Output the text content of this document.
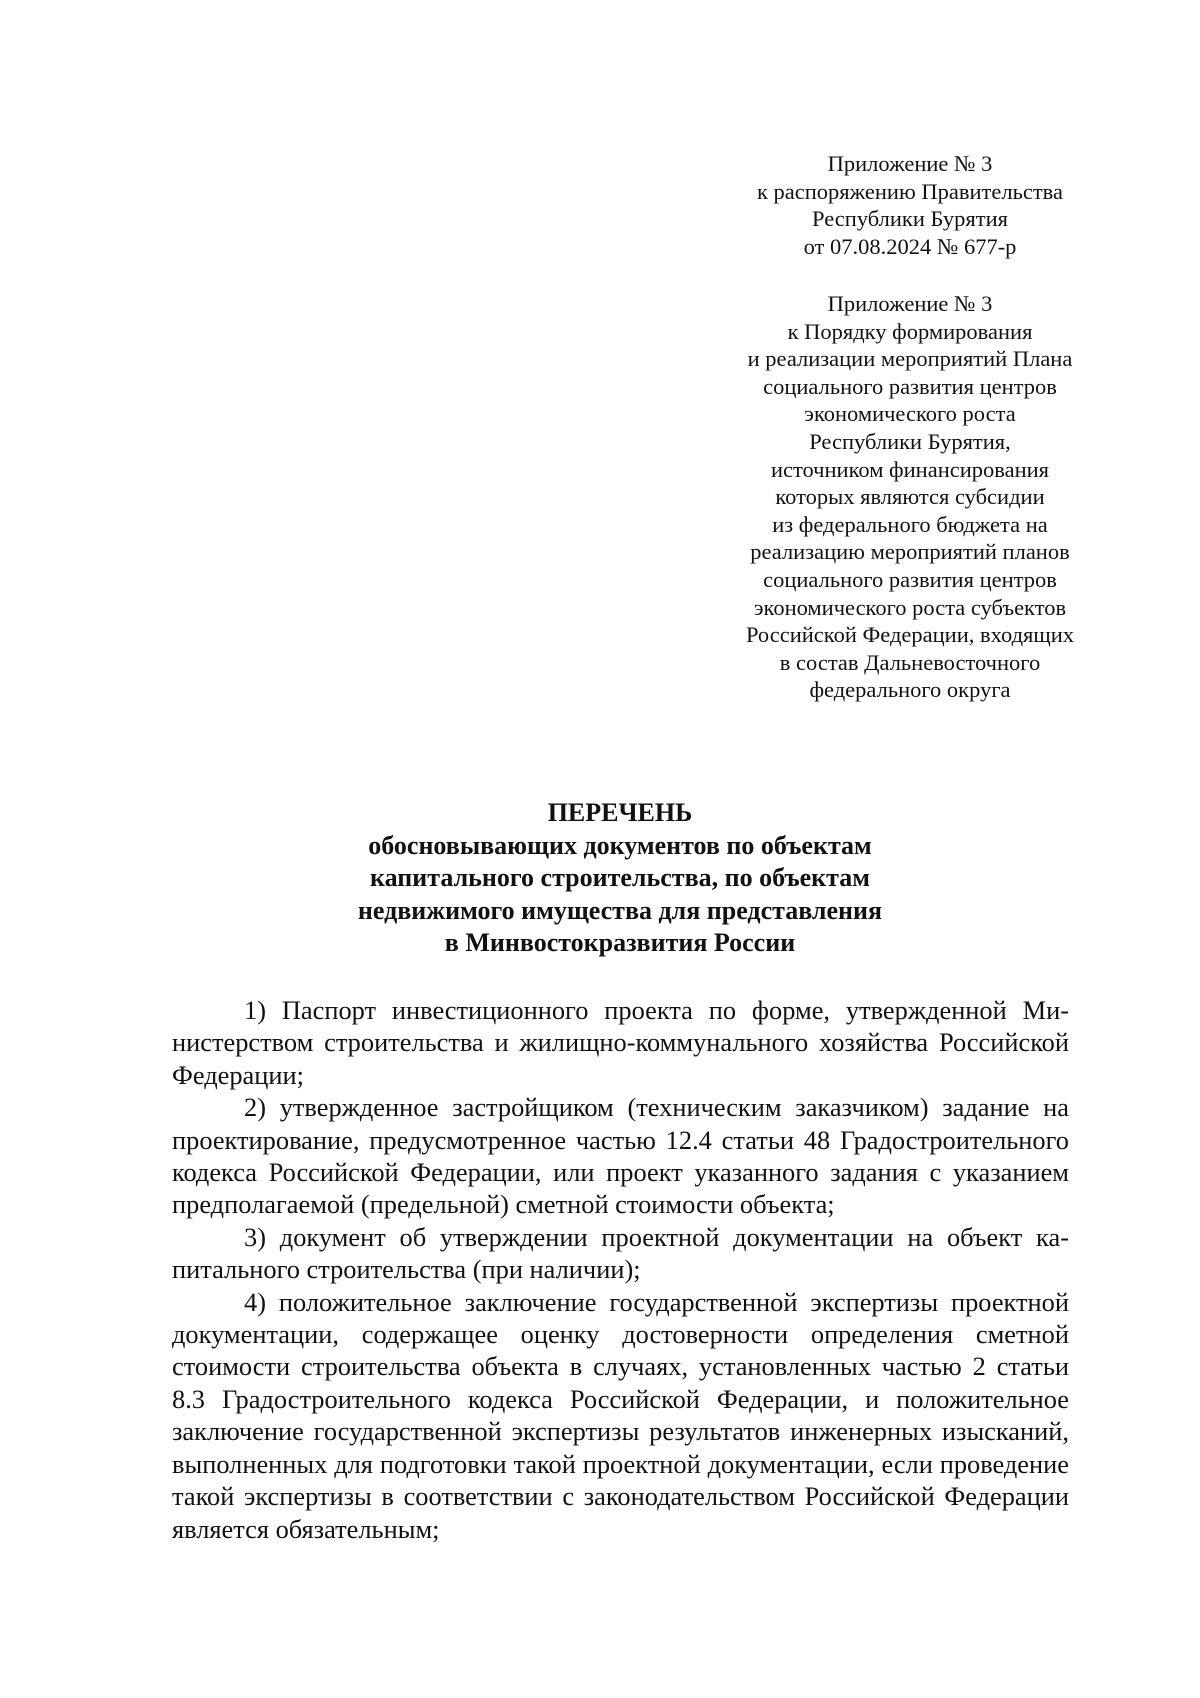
Приложение № 3
к распоряжению Правительства
Республики Бурятия
от 07.08.2024 № 677-р
Приложение № 3
к Порядку формирования
и реализации мероприятий Плана
социального развития центров
экономического роста
Республики Бурятия,
источником финансирования
которых являются субсидии
из федерального бюджета на
реализацию мероприятий планов
социального развития центров
экономического роста субъектов
Российской Федерации, входящих
в состав Дальневосточного
федерального округа
ПЕРЕЧЕНЬ
обосновывающих документов по объектам
капитального строительства, по объектам
недвижимого имущества для представления
в Минвостокразвития России

1) Паспорт инвестиционного проекта по форме, утвержденной Министерством строительства и жилищно-коммунального хозяйства Российской Федерации;

2) утвержденное застройщиком (техническим заказчиком) задание на проектирование, предусмотренное частью 12.4 статьи 48 Градостроительного кодекса Российской Федерации, или проект указанного задания с указанием предполагаемой (предельной) сметной стоимости объекта;

3) документ об утверждении проектной документации на объект капитального строительства (при наличии);

4) положительное заключение государственной экспертизы проектной документации, содержащее оценку достоверности определения сметной стоимости строительства объекта в случаях, установленных частью 2 статьи 8.3 Градостроительного кодекса Российской Федерации, и положительное заключение государственной экспертизы результатов инженерных изысканий, выполненных для подготовки такой проектной документации, если проведение такой экспертизы в соответствии с законодательством Российской Федерации является обязательным;
